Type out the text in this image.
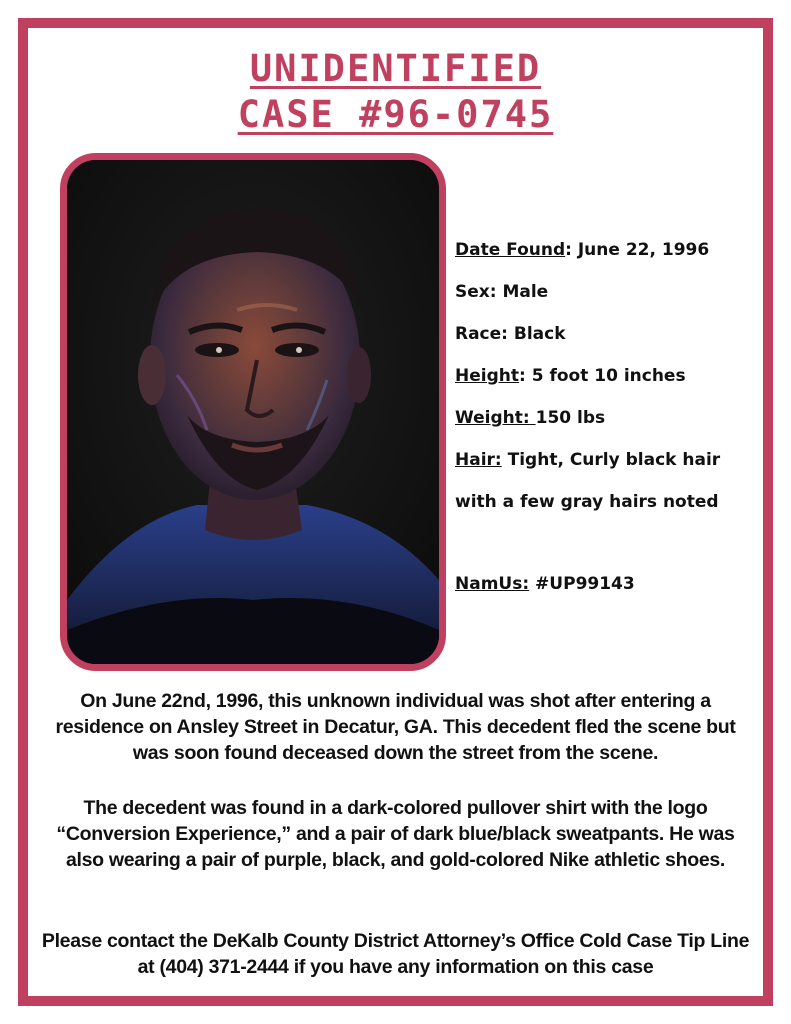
UNIDENTIFIED
CASE #96-0745
Date Found: June 22, 1996
Sex: Male
Race: Black
Height: 5 foot 10 inches
Weight: 150 lbs
Hair: Tight, Curly black hair
with a few gray hairs noted
NamUs: #UP99143
On June 22nd, 1996, this unknown individual was shot after entering a residence on Ansley Street in Decatur, GA. This decedent fled the scene but was soon found deceased down the street from the scene.
The decedent was found in a dark-colored pullover shirt with the logo “Conversion Experience,” and a pair of dark blue/black sweatpants. He was also wearing a pair of purple, black, and gold-colored Nike athletic shoes.
Please contact the DeKalb County District Attorney’s Office Cold Case Tip Line at (404) 371-2444 if you have any information on this case
